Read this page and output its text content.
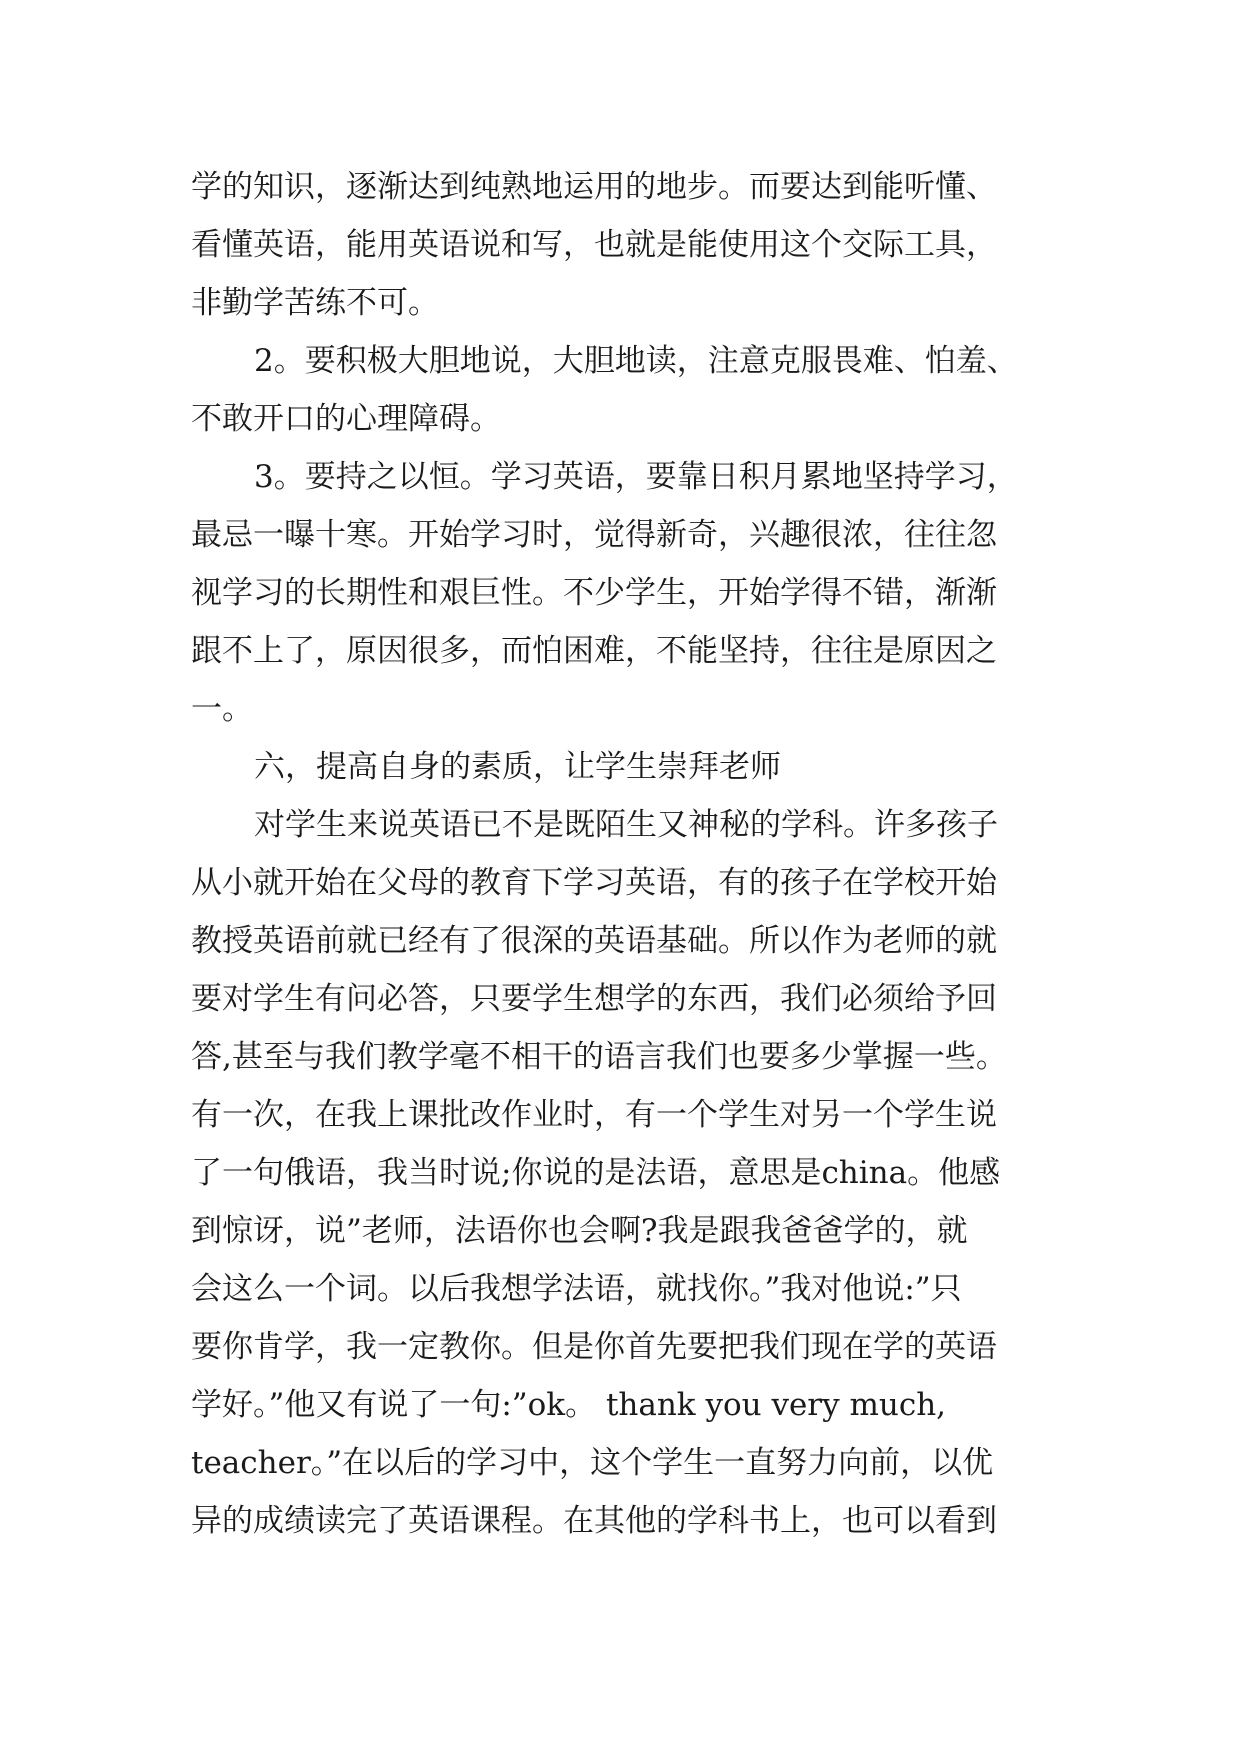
学的知识，逐渐达到纯熟地运用的地步。而要达到能听懂、
看懂英语，能用英语说和写，也就是能使用这个交际工具，
非勤学苦练不可。
2。要积极大胆地说，大胆地读，注意克服畏难、怕羞、
不敢开口的心理障碍。
3。要持之以恒。学习英语，要靠日积月累地坚持学习，
最忌一曝十寒。开始学习时，觉得新奇，兴趣很浓，往往忽
视学习的长期性和艰巨性。不少学生，开始学得不错，渐渐
跟不上了，原因很多，而怕困难，不能坚持，往往是原因之
一。
六，提高自身的素质，让学生崇拜老师
对学生来说英语已不是既陌生又神秘的学科。许多孩子
从小就开始在父母的教育下学习英语，有的孩子在学校开始
教授英语前就已经有了很深的英语基础。所以作为老师的就
要对学生有问必答，只要学生想学的东西，我们必须给予回
答,甚至与我们教学毫不相干的语言我们也要多少掌握一些。
有一次，在我上课批改作业时，有一个学生对另一个学生说
了一句俄语，我当时说;你说的是法语，意思是china。他感
到惊讶，说”老师，法语你也会啊?我是跟我爸爸学的，就
会这么一个词。以后我想学法语，就找你。”我对他说:”只
要你肯学，我一定教你。但是你首先要把我们现在学的英语
学好。”他又有说了一句:”ok。 thank you very much,
teacher。”在以后的学习中，这个学生一直努力向前，以优
异的成绩读完了英语课程。在其他的学科书上，也可以看到
